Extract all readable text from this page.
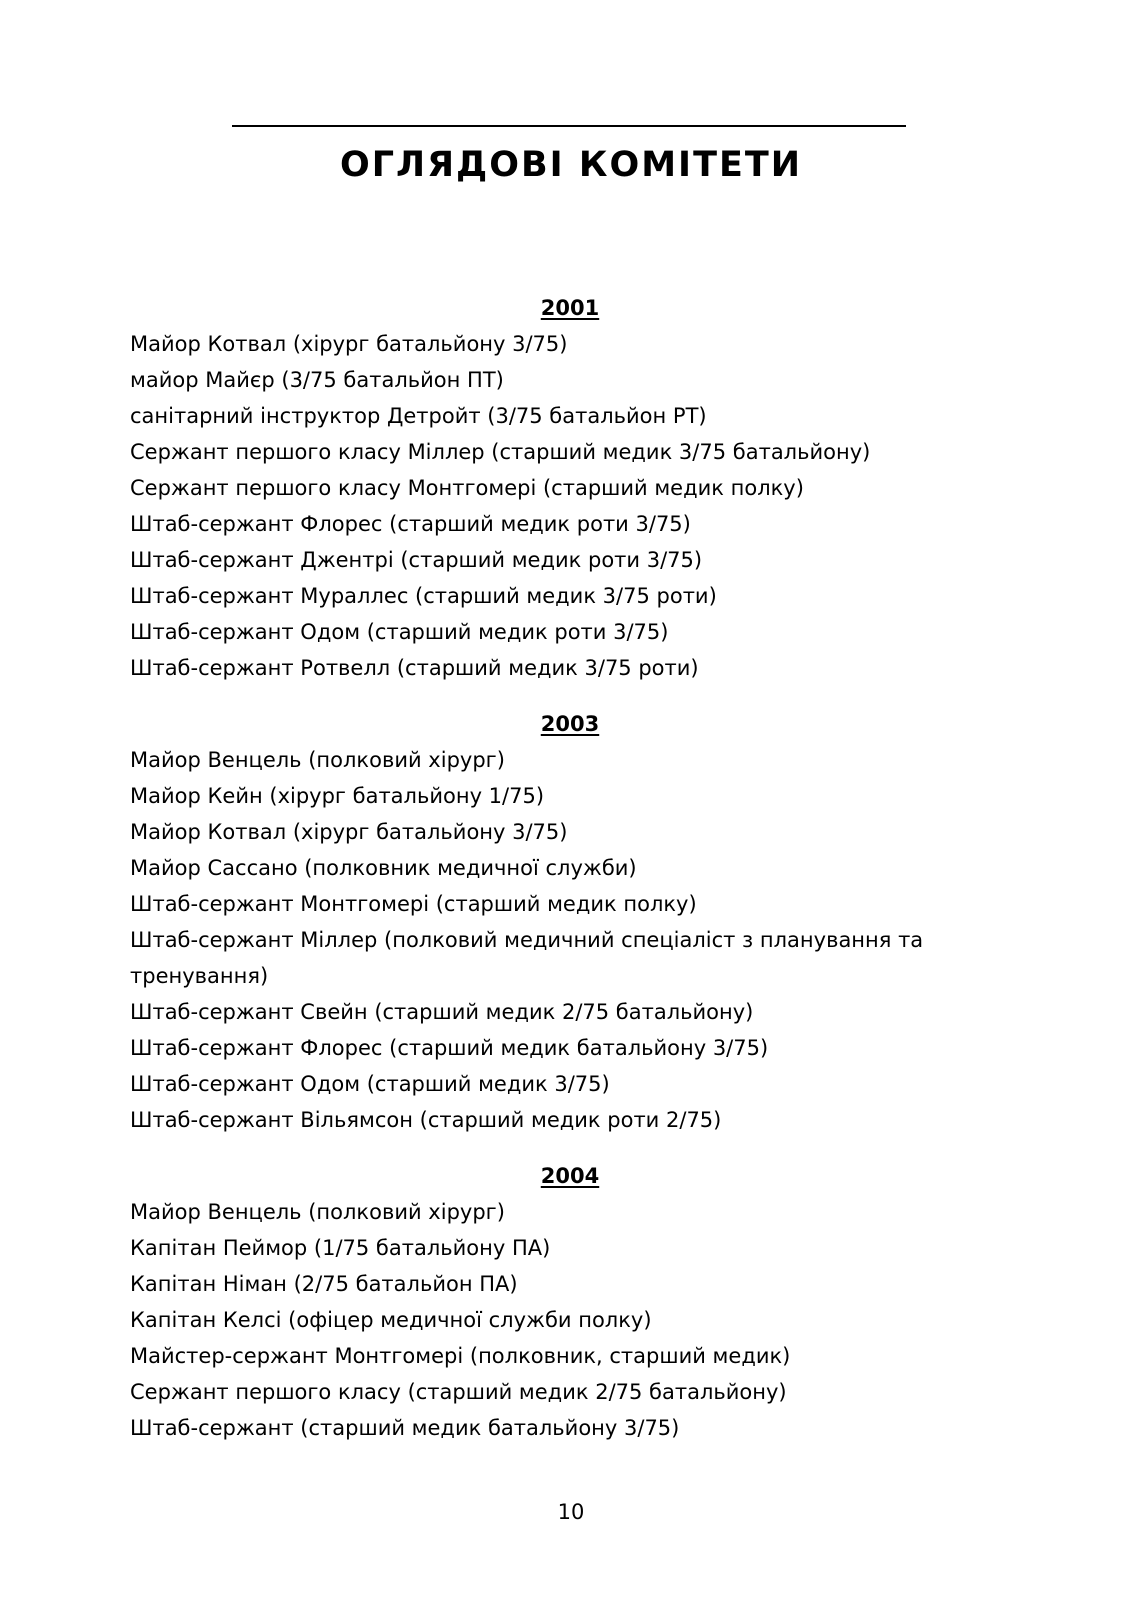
ОГЛЯДОВІ КОМІТЕТИ
2001
Майор Котвал (хірург батальйону 3/75)
майор Майєр (3/75 батальйон ПТ)
санітарний інструктор Детройт (3/75 батальйон РТ)
Сержант першого класу Міллер (старший медик 3/75 батальйону)
Сержант першого класу Монтгомері (старший медик полку)
Штаб-сержант Флорес (старший медик роти 3/75)
Штаб-сержант Джентрі (старший медик роти 3/75)
Штаб-сержант Мураллес (старший медик 3/75 роти)
Штаб-сержант Одом (старший медик роти 3/75)
Штаб-сержант Ротвелл (старший медик 3/75 роти)
2003
Майор Венцель (полковий хірург)
Майор Кейн (хірург батальйону 1/75)
Майор Котвал (хірург батальйону 3/75)
Майор Сассано (полковник медичної служби)
Штаб-сержант Монтгомері (старший медик полку)
Штаб-сержант Міллер (полковий медичний спеціаліст з планування та тренування)
Штаб-сержант Свейн (старший медик 2/75 батальйону)
Штаб-сержант Флорес (старший медик батальйону 3/75)
Штаб-сержант Одом (старший медик 3/75)
Штаб-сержант Вільямсон (старший медик роти 2/75)
2004
Майор Венцель (полковий хірург)
Капітан Пеймор (1/75 батальйону ПА)
Капітан Німан (2/75 батальйон ПА)
Капітан Келсі (офіцер медичної служби полку)
Майстер-сержант Монтгомері (полковник, старший медик)
Сержант першого класу (старший медик 2/75 батальйону)
Штаб-сержант (старший медик батальйону 3/75)
10
